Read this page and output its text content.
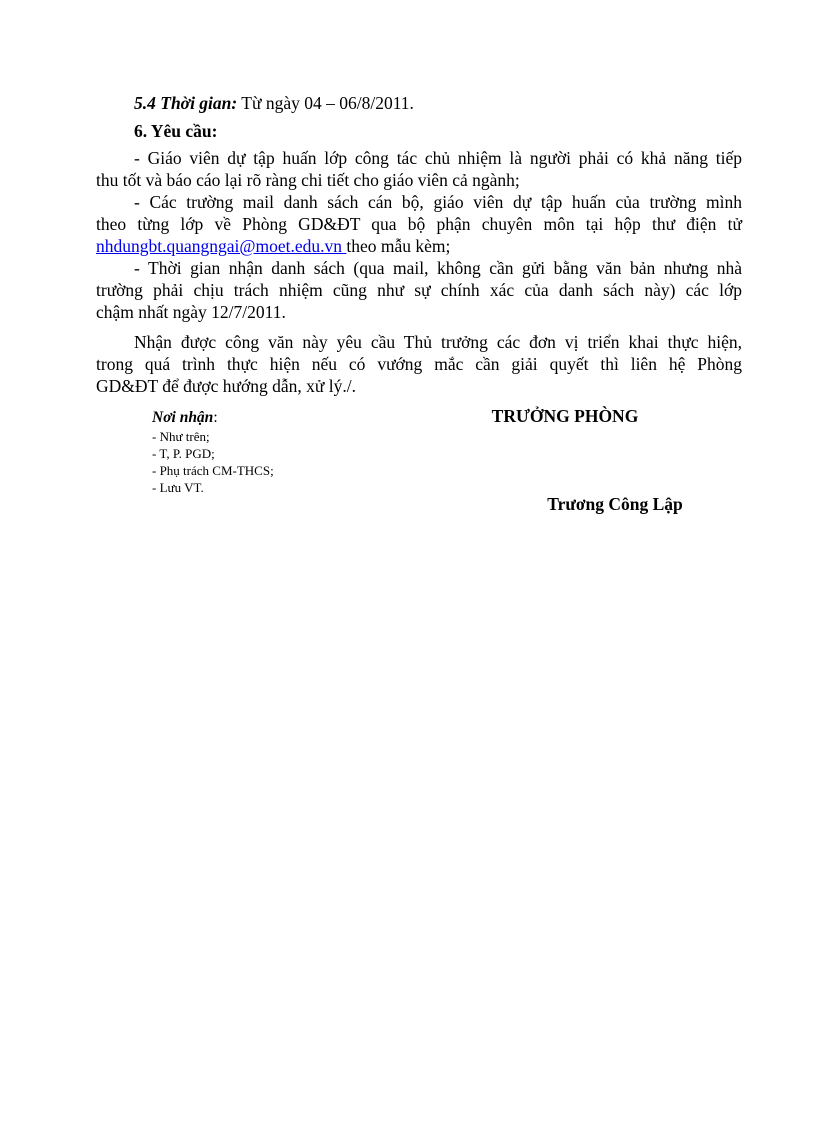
5.4 Thời gian: Từ ngày 04 – 06/8/2011.

6. Yêu cầu:

- Giáo viên dự tập huấn lớp công tác chủ nhiệm là người phải có khả năng tiếp

thu tốt và báo cáo lại rõ ràng chi tiết cho giáo viên cả ngành;

- Các trường mail danh sách cán bộ, giáo viên dự tập huấn của trường mình

theo từng lớp về Phòng GD&ĐT qua bộ phận chuyên môn tại hộp thư điện tử

nhdungbt.quangngai@moet.edu.vn theo mẫu kèm;

- Thời gian nhận danh sách (qua mail, không cần gửi bằng văn bản nhưng nhà

trường phải chịu trách nhiệm cũng như sự chính xác của danh sách này) các lớp

chậm nhất ngày 12/7/2011.

Nhận được công văn này yêu cầu Thủ trưởng các đơn vị triển khai thực hiện,

trong quá trình thực hiện nếu có vướng mắc cần giải quyết thì liên hệ Phòng

GD&ĐT để được hướng dẫn, xử lý./.

Nơi nhận:
- Như trên;
- T, P. PGD;
- Phụ trách CM-THCS;
- Lưu VT.
TRƯỞNG PHÒNG
Trương Công Lập
